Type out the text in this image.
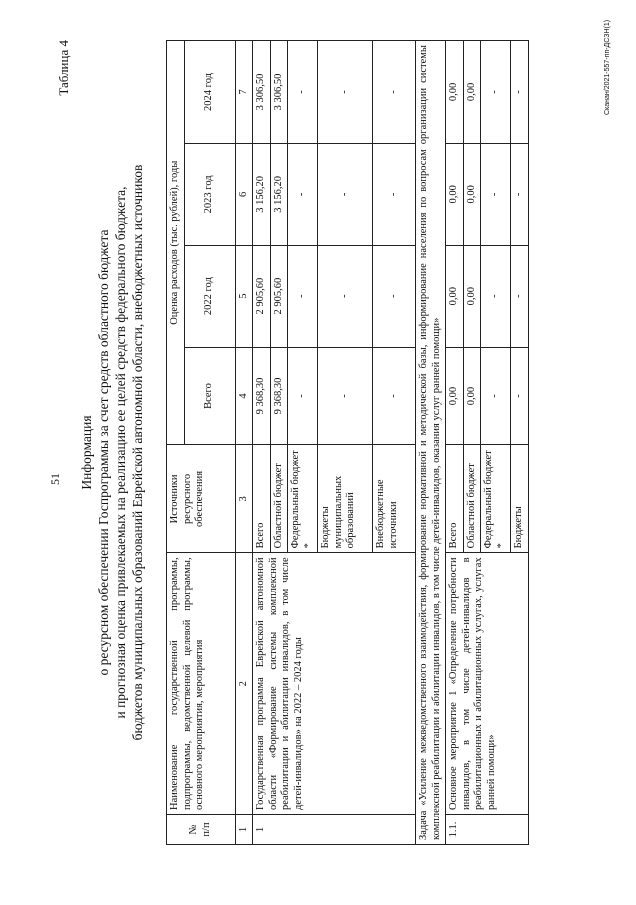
51
Таблица 4
Информация о ресурсном обеспечении Госпрограммы за счет средств областного бюджета и прогнозная оценка привлекаемых на реализацию ее целей средств федерального бюджета, бюджетов муниципальных образований Еврейской автономной области, внебюджетных источников
№ п/п	Наименование государственной программы, подпрограммы, ведомственной целевой программы, основного мероприятия, мероприятия	Источники ресурсного обеспечения	Оценка расходов (тыс. рублей), годы			
			Всего	2022 год	2023 год	2024 год
1	2	3	4	5	6	7
1	Государственная программа Еврейской автономной области «Формирование системы комплексной реабилитации и абилитации инвалидов, в том числе детей-инвалидов» на 2022 – 2024 годы	Всего	9 368,30	2 905,60	3 156,20	3 306,50
		Областной бюджет	9 368,30	2 905,60	3 156,20	3 306,50
		Федеральный бюджет *	-	-	-	-
		Бюджеты муниципальных образований	-	-	-	-
		Внебюджетные источники	-	-	-	-
Задача «Усиление межведомственного взаимодействия, формирование нормативной и методической базы, информирование населения по вопросам организации системы комплексной реабилитации и абилитации инвалидов, в том числе детей-инвалидов, оказания услуг ранней помощи»						
1.1.	Основное мероприятие 1 «Определение потребности инвалидов, в том числе детей-инвалидов в реабилитационных и абилитационных услугах, услугах ранней помощи»	Всего	0,00	0,00	0,00	0,00
		Областной бюджет	0,00	0,00	0,00	0,00
		Федеральный бюджет *	-	-	-	-
		Бюджеты	-	-	-	-	Сканан/2021-557-пп-ДСЗН(1)
